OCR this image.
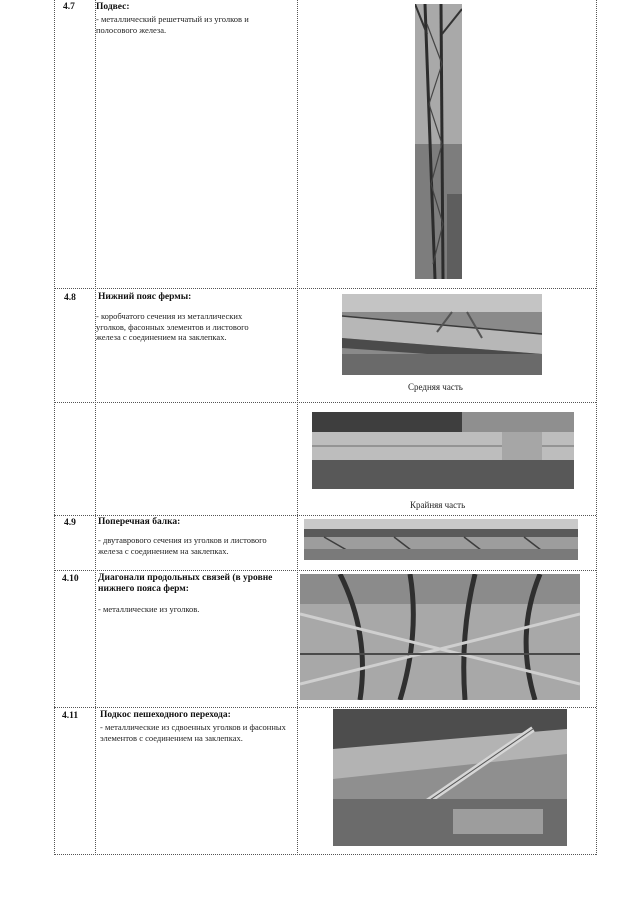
4.7 Подвес:
- металлический решетчатый из уголков и полосового железа.
4.8 Нижний пояс фермы:
- коробчатого сечения из металлических уголков, фасонных элементов и листового железа с соединением на заклепках.
Средняя часть
Крайняя часть
4.9 Поперечная балка:
- двутаврового сечения из уголков и листового железа с соединением на заклепках.
4.10 Диагонали продольных связей (в уровне нижнего пояса ферм:
- металлические из уголков.
4.11 Подкос пешеходного перехода:
- металлические из сдвоенных уголков и фасонных элементов с соединением на заклепках.
